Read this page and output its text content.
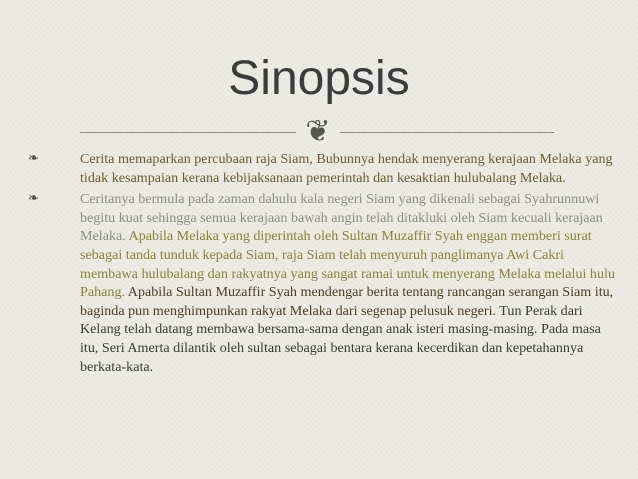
Sinopsis
❦

❧	Cerita memaparkan percubaan raja Siam, Bubunnya hendak menyerang kerajaan Melaka yang tidak kesampaian kerana kebijaksanaan pemerintah dan kesaktian hulubalang Melaka.

❧	Ceritanya bermula pada zaman dahulu kala negeri Siam yang dikenali sebagai Syahrunnuwi begitu kuat sehingga semua kerajaan bawah angin telah ditakluki oleh Siam kecuali kerajaan Melaka. Apabila Melaka yang diperintah oleh Sultan Muzaffir Syah enggan memberi surat sebagai tanda tunduk kepada Siam, raja Siam telah menyuruh panglimanya Awi Cakri membawa hulubalang dan rakyatnya yang sangat ramai untuk menyerang Melaka melalui hulu Pahang. Apabila Sultan Muzaffir Syah mendengar berita tentang rancangan serangan Siam itu, baginda pun menghimpunkan rakyat Melaka dari segenap pelusuk negeri. Tun Perak dari Kelang telah datang membawa bersama-sama dengan anak isteri masing-masing. Pada masa itu, Seri Amerta dilantik oleh sultan sebagai bentara kerana kecerdikan dan kepetahannya berkata-kata.
